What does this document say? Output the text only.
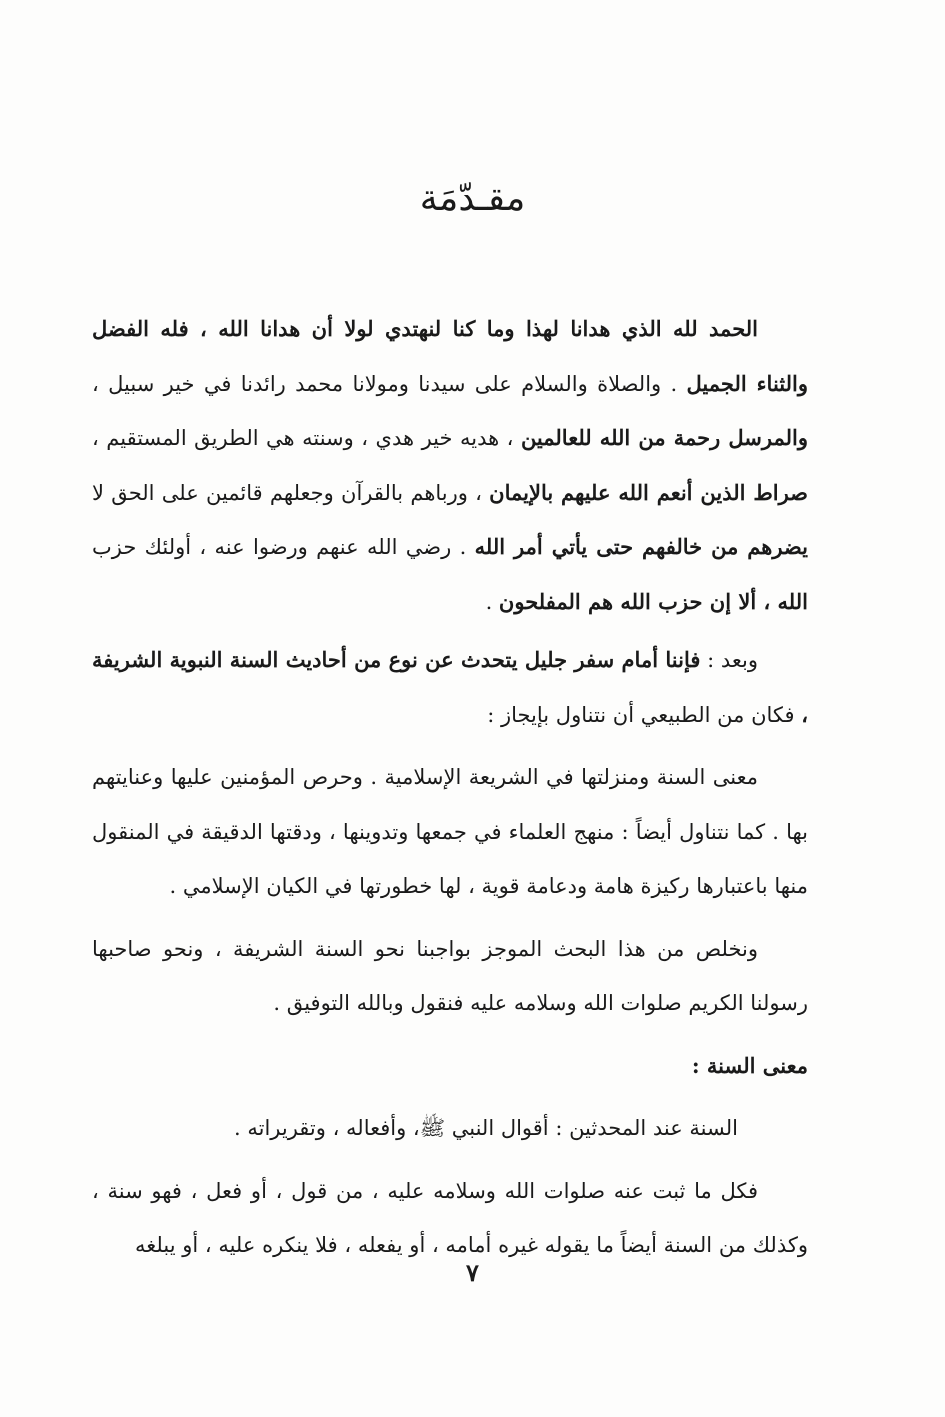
مقـدّمَة

الحمد لله الذي هدانا لهذا وما كنا لنهتدي لولا أن هدانا الله ، فله الفضل والثناء الجميل . والصلاة والسلام على سيدنا ومولانا محمد رائدنا في خير سبيل ، والمرسل رحمة من الله للعالمين ، هديه خير هدي ، وسنته هي الطريق المستقيم ، صراط الذين أنعم الله عليهم بالإيمان ، ورباهم بالقرآن وجعلهم قائمين على الحق لا يضرهم من خالفهم حتى يأتي أمر الله . رضي الله عنهم ورضوا عنه ، أولئك حزب الله ، ألا إن حزب الله هم المفلحون .

وبعد : فإننا أمام سفر جليل يتحدث عن نوع من أحاديث السنة النبوية الشريفة ، فكان من الطبيعي أن نتناول بإيجاز :

معنى السنة ومنزلتها في الشريعة الإسلامية . وحرص المؤمنين عليها وعنايتهم بها . كما نتناول أيضاً : منهج العلماء في جمعها وتدوينها ، ودقتها الدقيقة في المنقول منها باعتبارها ركيزة هامة ودعامة قوية ، لها خطورتها في الكيان الإسلامي .

ونخلص من هذا البحث الموجز بواجبنا نحو السنة الشريفة ، ونحو صاحبها رسولنا الكريم صلوات الله وسلامه عليه فنقول وبالله التوفيق .

معنى السنة :

السنة عند المحدثين : أقوال النبي ﷺ، وأفعاله ، وتقريراته .

فكل ما ثبت عنه صلوات الله وسلامه عليه ، من قول ، أو فعل ، فهو سنة ، وكذلك من السنة أيضاً ما يقوله غيره أمامه ، أو يفعله ، فلا ينكره عليه ، أو يبلغه

٧
